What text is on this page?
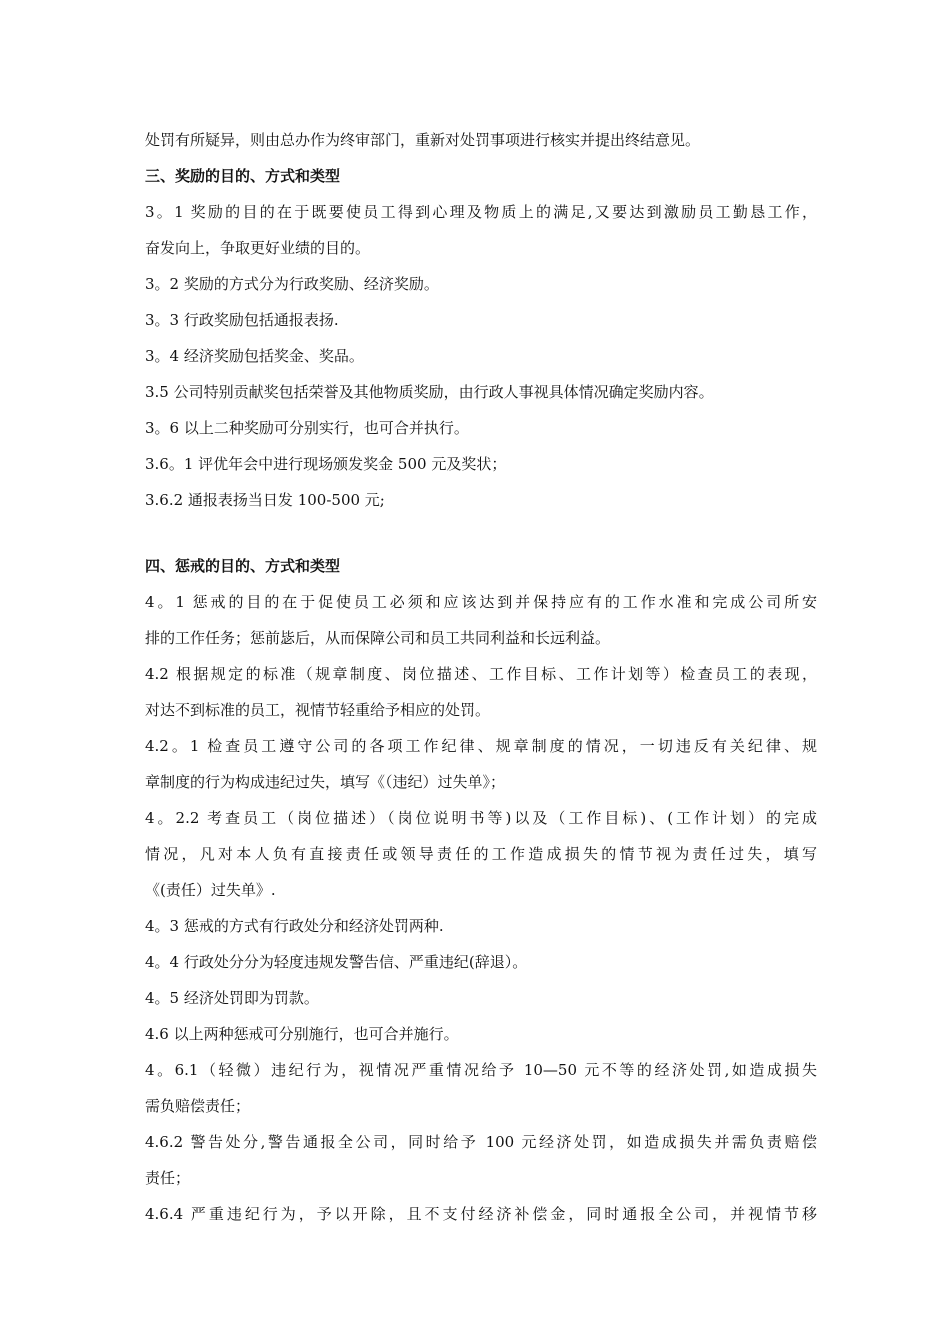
处罚有所疑异，则由总办作为终审部门，重新对处罚事项进行核实并提出终结意见。
三、奖励的目的、方式和类型
3。1 奖励的目的在于既要使员工得到心理及物质上的满足,又要达到激励员工勤恳工作，
奋发向上，争取更好业绩的目的。
3。2 奖励的方式分为行政奖励、经济奖励。
3。3 行政奖励包括通报表扬.
3。4 经济奖励包括奖金、奖品。
3.5 公司特别贡献奖包括荣誉及其他物质奖励，由行政人事视具体情况确定奖励内容。
3。6 以上二种奖励可分别实行，也可合并执行。
3.6。1 评优年会中进行现场颁发奖金 500 元及奖状；
3.6.2 通报表扬当日发 100-500 元;
四、惩戒的目的、方式和类型
4。1 惩戒的目的在于促使员工必须和应该达到并保持应有的工作水准和完成公司所安
排的工作任务；惩前毖后，从而保障公司和员工共同利益和长远利益。
4.2 根据规定的标准（规章制度、岗位描述、工作目标、工作计划等）检查员工的表现，
对达不到标准的员工，视情节轻重给予相应的处罚。
4.2。1 检查员工遵守公司的各项工作纪律、规章制度的情况，一切违反有关纪律、规
章制度的行为构成违纪过失，填写《（违纪）过失单》；
4。2.2 考查员工（岗位描述）（岗位说明书等)以及（工作目标)、(工作计划）的完成
情况，凡对本人负有直接责任或领导责任的工作造成损失的情节视为责任过失，填写
《(责任）过失单》.
4。3 惩戒的方式有行政处分和经济处罚两种.
4。4 行政处分分为轻度违规发警告信、严重违纪(辞退）。
4。5 经济处罚即为罚款。
4.6 以上两种惩戒可分别施行，也可合并施行。
4。6.1（轻微）违纪行为，视情况严重情况给予 10—50 元不等的经济处罚,如造成损失
需负赔偿责任；
4.6.2 警告处分,警告通报全公司，同时给予 100 元经济处罚，如造成损失并需负责赔偿
责任；
4.6.4 严重违纪行为，予以开除，且不支付经济补偿金，同时通报全公司，并视情节移
